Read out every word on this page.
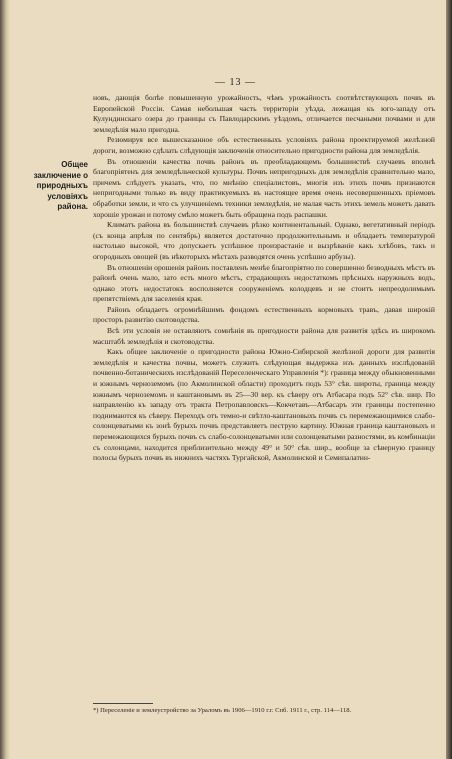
— 13 —
Общее заключение о природныхъ условіяхъ района.

новъ, дающія болѣе повышенную урожайность, чѣмъ урожайность соотвѣтствующихъ почвъ въ Европейской Россіи. Самая небольшая часть территоріи уѣзда, лежащая къ юго-западу отъ Кулундинскаго озера до границы съ Павлодарскимъ уѣздомъ, отличается песчаными почвами и для земледѣлія мало пригодна.

Резюмируя все вышесказанное объ естественныхъ условіяхъ района проектируемой желѣзной дороги, возможно сдѣлать слѣдующія заключенія относительно пригодности района для земледѣлія.

Въ отношеніи качества почвъ районъ въ преобладающемъ большинствѣ случаевъ вполнѣ благопріятенъ для земледѣльческой культуры. Почвъ непригодныхъ для земледѣлія сравнительно мало, причемъ слѣдуетъ указать, что, по мнѣнію спеціалистовъ, многія изъ этихъ почвъ признаются непригодными только въ виду практикуемыхъ въ настоящее время очень несовершенныхъ пріемовъ обработки земли, и что съ улучшеніемъ техники земледѣлія, не малая часть этихъ земель можетъ давать хорошіе урожаи и потому смѣло можетъ быть обращена подъ распашки.

Климатъ района въ большинствѣ случаевъ рѣзко континентальный. Однако, вегетативный періодъ (съ конца апрѣля по сентябрь) является достаточно продолжительнымъ и обладаетъ температурой настолько высокой, что допускаетъ успѣшное произрастаніе и вызрѣваніе какъ хлѣбовъ, такъ и огородныхъ овощей (въ нѣкоторыхъ мѣстахъ разводятся очень успѣшно арбузы).

Въ отношеніи орошенія районъ поставленъ менѣе благопріятно по совершенно безводныхъ мѣстъ въ районѣ очень мало, зато есть много мѣстъ, страдающихъ недостаткомъ прѣсныхъ наружныхъ водъ, однако этотъ недостатокъ восполняется сооруженіемъ колодцевъ и не стоитъ непреодолимымъ препятствіемъ для заселенія края.

Районъ обладаетъ огромнѣйшимъ фондомъ естественныхъ кормовыхъ травъ, давая широкій просторъ развитію скотоводства.

Всѣ эти условія не оставляютъ сомнѣнія въ пригодности района для развитія здѣсь въ широкомъ масштабѣ земледѣлія и скотоводства.

Какъ общее заключеніе о пригодности района Южно-Сибирской желѣзной дороги для развитія земледѣлія и качества почвы, можетъ служить слѣдующая выдержка изъ данныхъ изслѣдованій почвенно-ботаническихъ изслѣдованій Переселенческаго Управленія *): граница между обыкновенными и южнымъ черноземомъ (по Акмолинской области) проходитъ подъ 53° сѣв. широты, граница между южнымъ черноземомъ и каштановымъ въ 25—30 вер. къ сѣверу отъ Атбасара подъ 52° сѣв. шир. По направленію къ западу отъ тракта Петропавловскъ—Кокчетавъ—Атбасаръ эти границы постепенно поднимаются къ сѣверу. Переходъ отъ темно-и свѣтло-каштановыхъ почвъ съ перемежающимися слабо-солонцеватыми къ зонѣ бурыхъ почвъ представляетъ пеструю картину. Южная граница каштановыхъ и перемежающихся бурыхъ почвъ съ слабо-солонцеватыми или солонцеватыми разностями, въ комбинаціи съ солонцами, находится приблизительно между 49° и 50° сѣв. шир., вообще за сѣверную границу полосы бурыхъ почвъ въ нижнихъ частяхъ Тургайской, Акмолинской и Семипалатин-

*) Переселеніе и землеустройство за Ураломъ въ 1906—1910 г.г. Спб. 1911 г., стр. 114—118.
